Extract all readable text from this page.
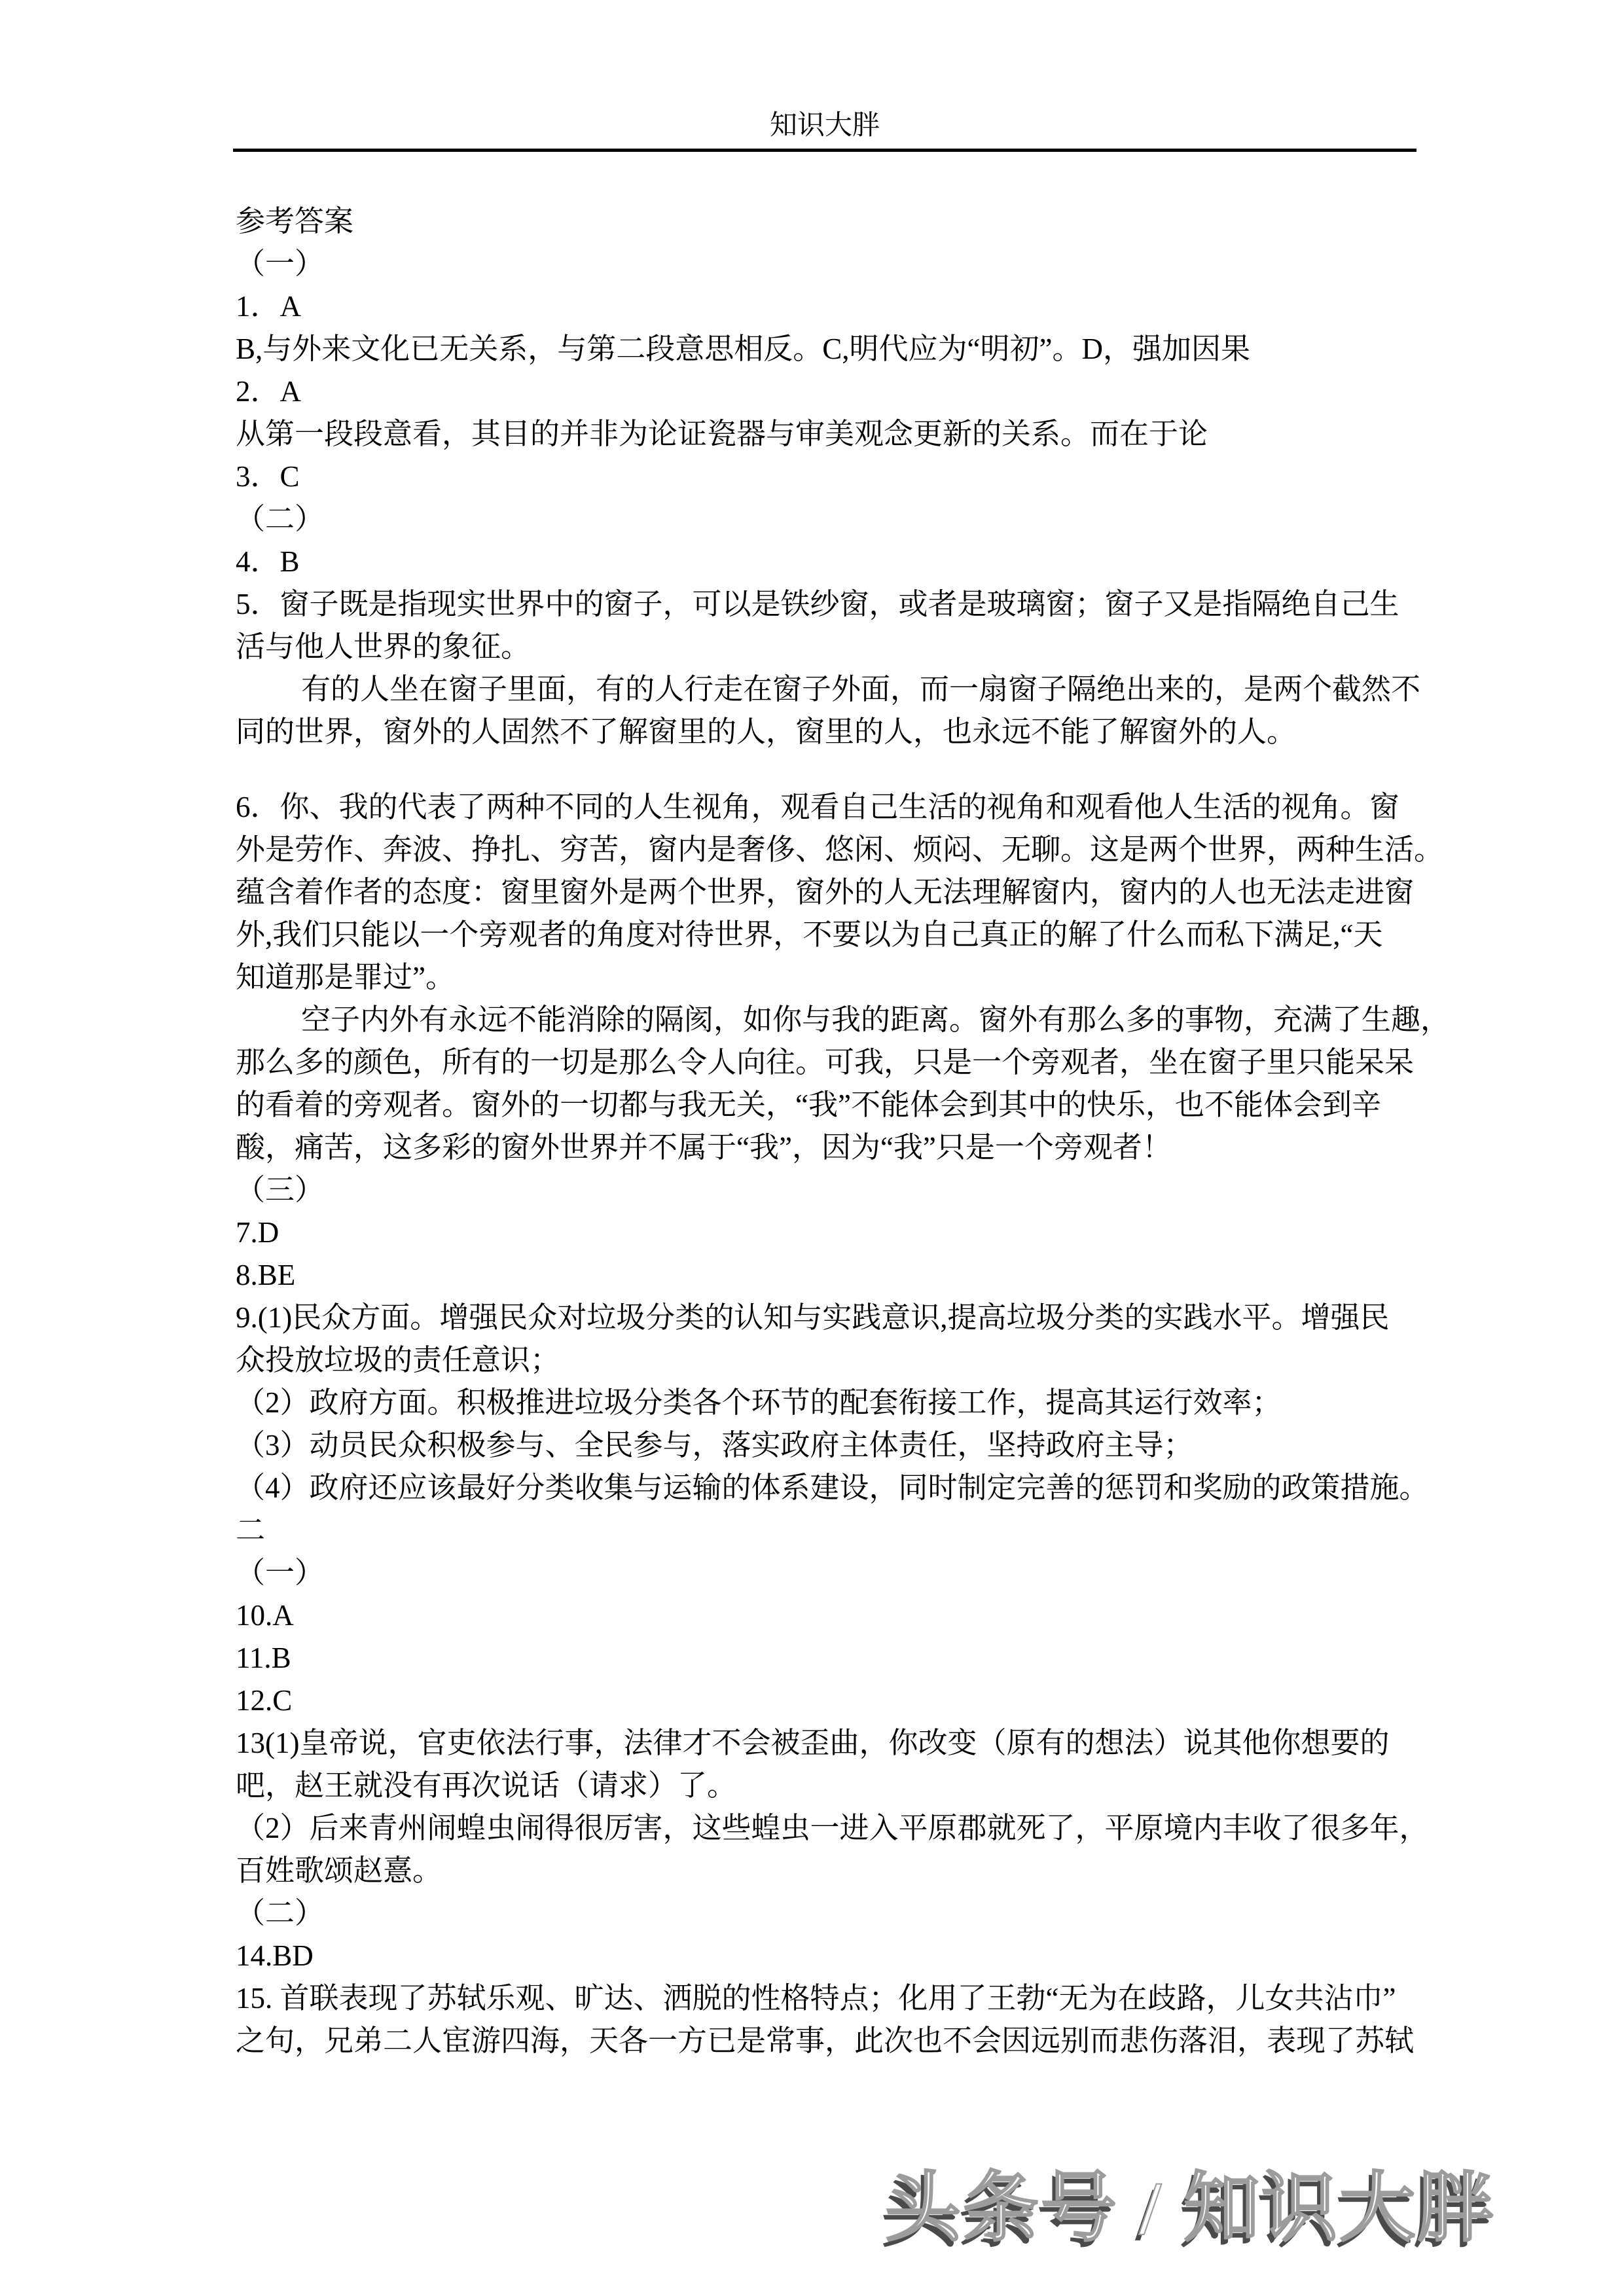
知识大胖
参考答案
（一）
1．A
B,与外来文化已无关系，与第二段意思相反。C,明代应为“明初”。D，强加因果
2．A
从第一段段意看，其目的并非为论证瓷器与审美观念更新的关系。而在于论
3．C
（二）
4．B
5．窗子既是指现实世界中的窗子，可以是铁纱窗，或者是玻璃窗；窗子又是指隔绝自己生
活与他人世界的象征。
有的人坐在窗子里面，有的人行走在窗子外面，而一扇窗子隔绝出来的，是两个截然不
同的世界，窗外的人固然不了解窗里的人，窗里的人，也永远不能了解窗外的人。
6．你、我的代表了两种不同的人生视角，观看自己生活的视角和观看他人生活的视角。窗
外是劳作、奔波、挣扎、穷苦，窗内是奢侈、悠闲、烦闷、无聊。这是两个世界，两种生活。
蕴含着作者的态度：窗里窗外是两个世界，窗外的人无法理解窗内，窗内的人也无法走进窗
外,我们只能以一个旁观者的角度对待世界，不要以为自己真正的解了什么而私下满足,“天
知道那是罪过”。
空子内外有永远不能消除的隔阂，如你与我的距离。窗外有那么多的事物，充满了生趣，
那么多的颜色，所有的一切是那么令人向往。可我，只是一个旁观者，坐在窗子里只能呆呆
的看着的旁观者。窗外的一切都与我无关，“我”不能体会到其中的快乐，也不能体会到辛
酸，痛苦，这多彩的窗外世界并不属于“我”，因为“我”只是一个旁观者！
（三）
7.D
8.BE
9.(1)民众方面。增强民众对垃圾分类的认知与实践意识,提高垃圾分类的实践水平。增强民
众投放垃圾的责任意识；
（2）政府方面。积极推进垃圾分类各个环节的配套衔接工作，提高其运行效率；
（3）动员民众积极参与、全民参与，落实政府主体责任，坚持政府主导；
（4）政府还应该最好分类收集与运输的体系建设，同时制定完善的惩罚和奖励的政策措施。
二
（一）
10.A
11.B
12.C
13(1)皇帝说，官吏依法行事，法律才不会被歪曲，你改变（原有的想法）说其他你想要的
吧，赵王就没有再次说话（请求）了。
（2）后来青州闹蝗虫闹得很厉害，这些蝗虫一进入平原郡就死了，平原境内丰收了很多年，
百姓歌颂赵憙。
（二）
14.BD
15. 首联表现了苏轼乐观、旷达、洒脱的性格特点；化用了王勃“无为在歧路，儿女共沾巾”
之句，兄弟二人宦游四海，天各一方已是常事，此次也不会因远别而悲伤落泪，表现了苏轼
头条号 / 知识大胖
